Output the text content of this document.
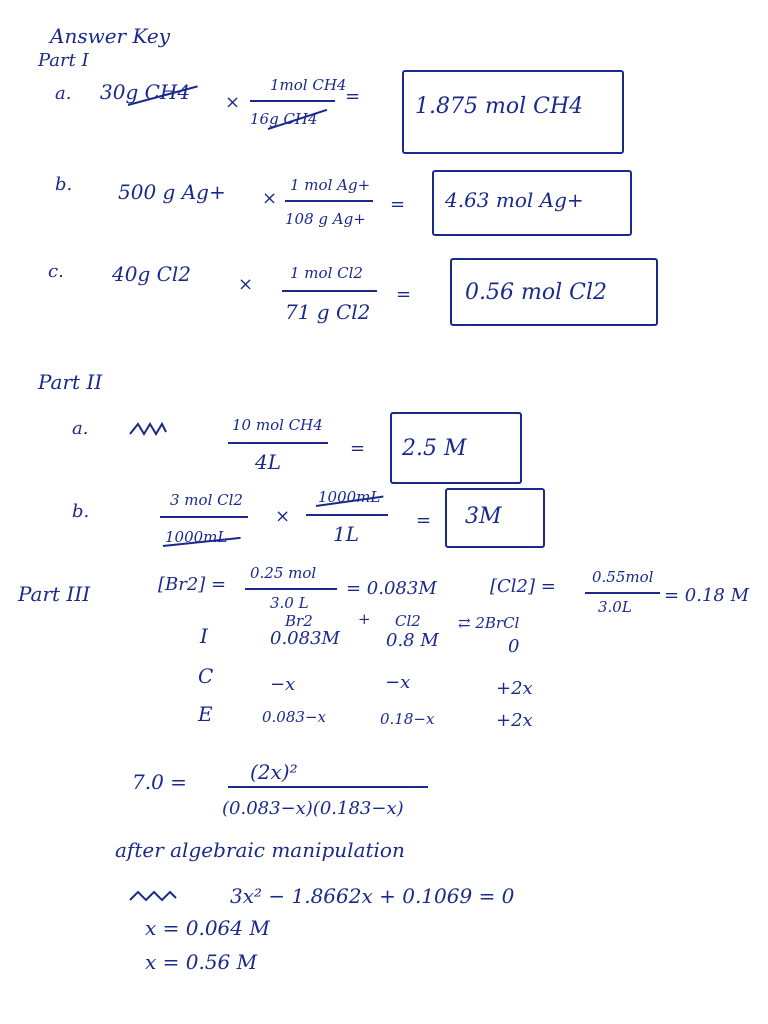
Answer Key
Part I
a. 30g CH4 ×
1mol CH4
16g CH4
= 1.875 mol CH4
b. 500 g Ag+ ×
1 mol Ag+
108 g Ag+
= 4.63 mol Ag+
c. 40g Cl2	×
1 mol Cl2
71 g Cl2
= 0.56 mol Cl2
Part II
a.	10 mol CH4
4L
= 2.5 M
b.
3 mol Cl2
1000mL
×
1000mL
1L
= 3M
Part III	[Br2] =
0.25 mol
3.0 L
= 0.083M	[Cl2] = 0.55mol
3.0L
= 0.18 M
Br2	+ Cl2 ⇄ 2BrCl
I	0.083M	0.8 M	0
C	−x	−x	+2x
E	0.083−x	0.18−x	+2x
7.0 =	(2x)²
(0.083−x)(0.183−x)
after algebraic manipulation
3x² − 1.8662x + 0.1069 = 0
x = 0.064 M
x = 0.56 M
